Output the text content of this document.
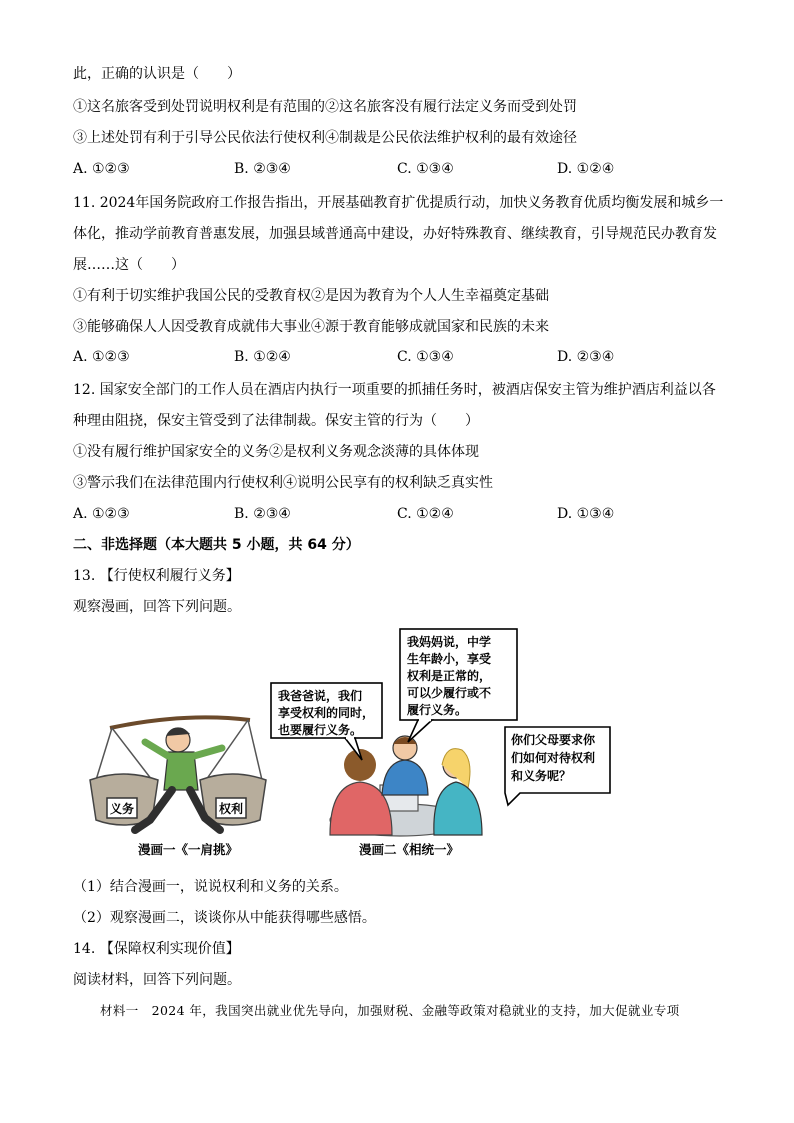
此，正确的认识是（　　）
①这名旅客受到处罚说明权利是有范围的②这名旅客没有履行法定义务而受到处罚
③上述处罚有利于引导公民依法行使权利④制裁是公民依法维护权利的最有效途径
A. ①②③	B. ②③④	C. ①③④	D. ①②④
11. 2024年国务院政府工作报告指出，开展基础教育扩优提质行动，加快义务教育优质均衡发展和城乡一
体化，推动学前教育普惠发展，加强县域普通高中建设，办好特殊教育、继续教育，引导规范民办教育发
展……这（　　）
①有利于切实维护我国公民的受教育权②是因为教育为个人人生幸福奠定基础
③能够确保人人因受教育成就伟大事业④源于教育能够成就国家和民族的未来
A. ①②③	B. ①②④	C. ①③④	D. ②③④
12. 国家安全部门的工作人员在酒店内执行一项重要的抓捕任务时，被酒店保安主管为维护酒店利益以各
种理由阻挠，保安主管受到了法律制裁。保安主管的行为（　　）
①没有履行维护国家安全的义务②是权利义务观念淡薄的具体体现
③警示我们在法律范围内行使权利④说明公民享有的权利缺乏真实性
A. ①②③	B. ②③④	C. ①②④	D. ①③④
二、非选择题（本大题共 5 小题，共 64 分）
13. 【行使权利履行义务】
观察漫画，回答下列问题。
义务	权利
我爸爸说，我们
享受权利的同时，
也要履行义务。
我妈妈说，中学
生年龄小，享受
权利是正常的，
可以少履行或不
履行义务。
你们父母要求你
们如何对待权利
和义务呢？
漫画一《一肩挑》	漫画二《相统一》
（1）结合漫画一，说说权利和义务的关系。
（2）观察漫画二，谈谈你从中能获得哪些感悟。
14. 【保障权利实现价值】
阅读材料，回答下列问题。
材料一　2024 年，我国突出就业优先导向，加强财税、金融等政策对稳就业的支持，加大促就业专项
